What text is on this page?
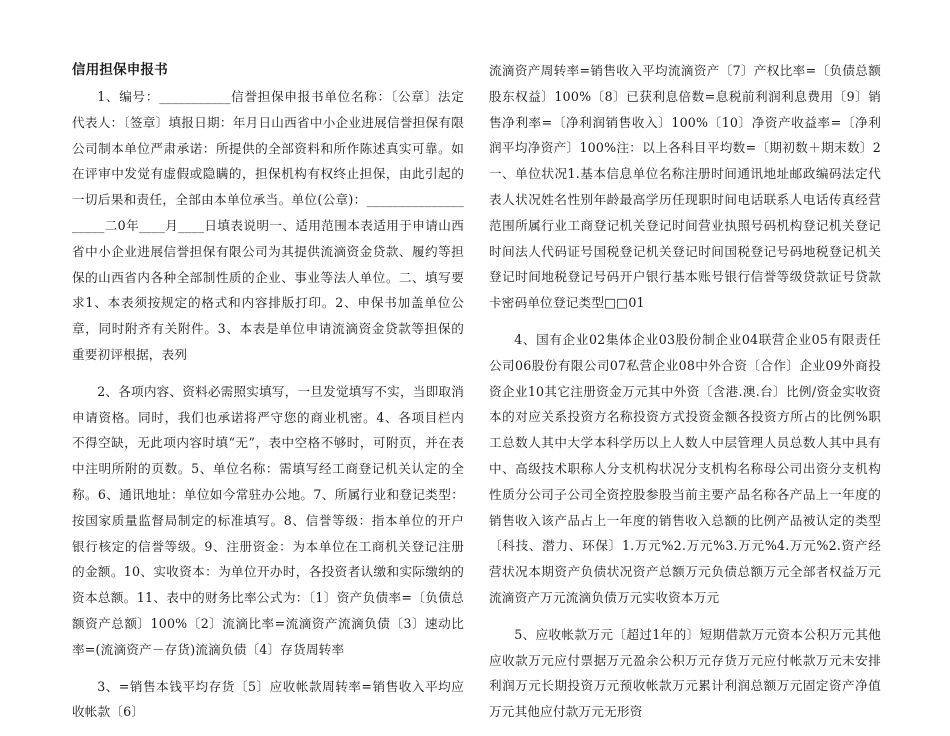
信用担保申报书

1、编号：___________信誉担保申报书单位名称：〔公章〕法定代表人：〔签章〕填报日期：年月日山西省中小企业进展信誉担保有限公司制本单位严肃承诺：所提供的全部资料和所作陈述真实可靠。如在评审中发觉有虚假或隐瞒的，担保机构有权终止担保，由此引起的一切后果和责任，全部由本单位承当。单位(公章)：____________________二0年____月____日填表说明一、适用范围本表适用于申请山西省中小企业进展信誉担保有限公司为其提供流滴资金贷款、履约等担保的山西省内各种全部制性质的企业、事业等法人单位。二、填写要求1、本表须按规定的格式和内容排版打印。2、申保书加盖单位公章，同时附齐有关附件。3、本表是单位申请流滴资金贷款等担保的重要初评根据，表列

2、各项内容、资料必需照实填写，一旦发觉填写不实，当即取消申请资格。同时，我们也承诺将严守您的商业机密。4、各项目栏内不得空缺，无此项内容时填“无”，表中空格不够时，可附页，并在表中注明所附的页数。5、单位名称：需填写经工商登记机关认定的全称。6、通讯地址：单位如今常驻办公地。7、所属行业和登记类型：按国家质量监督局制定的标准填写。8、信誉等级：指本单位的开户银行核定的信誉等级。9、注册资金：为本单位在工商机关登记注册的金额。10、实收资本：为单位开办时，各投资者认缴和实际缴纳的资本总额。11、表中的财务比率公式为：〔1〕资产负债率=〔负债总额资产总额〕100%〔2〕流滴比率=流滴资产流滴负债〔3〕速动比率=(流滴资产－存货)流滴负债〔4〕存货周转率

3、=销售本钱平均存货〔5〕应收帐款周转率=销售收入平均应收帐款〔6〕

流滴资产周转率=销售收入平均流滴资产〔7〕产权比率=〔负债总额股东权益〕100%〔8〕已获利息倍数=息税前利润利息费用〔9〕销售净利率=〔净利润销售收入〕100%〔10〕净资产收益率=〔净利润平均净资产〕100%注：以上各科目平均数=〔期初数＋期末数〕2一、单位状况1.基本信息单位名称注册时间通讯地址邮政编码法定代表人状况姓名性别年龄最高学历任现职时间电话联系人电话传真经营范围所属行业工商登记机关登记时间营业执照号码机构登记机关登记时间法人代码证号国税登记机关登记时间国税登记号码地税登记机关登记时间地税登记号码开户银行基本账号银行信誉等级贷款证号贷款卡密码单位登记类型□□01

4、国有企业02集体企业03股份制企业04联营企业05有限责任公司06股份有限公司07私营企业08中外合资〔合作〕企业09外商投资企业10其它注册资金万元其中外资〔含港.澳.台〕比例/资金实收资本的对应关系投资方名称投资方式投资金额各投资方所占的比例%职工总数人其中大学本科学历以上人数人中层管理人员总数人其中具有中、高级技术职称人分支机构状况分支机构名称母公司出资分支机构性质分公司子公司全资控股参股当前主要产品名称各产品上一年度的销售收入该产品占上一年度的销售收入总额的比例产品被认定的类型〔科技、潜力、环保〕1.万元%2.万元%3.万元%4.万元%2.资产经营状况本期资产负债状况资产总额万元负债总额万元全部者权益万元流滴资产万元流滴负债万元实收资本万元

5、应收帐款万元〔超过1年的〕短期借款万元资本公积万元其他应收款万元应付票据万元盈余公积万元存货万元应付帐款万元未安排利润万元长期投资万元预收帐款万元累计利润总额万元固定资产净值万元其他应付款万元无形资
